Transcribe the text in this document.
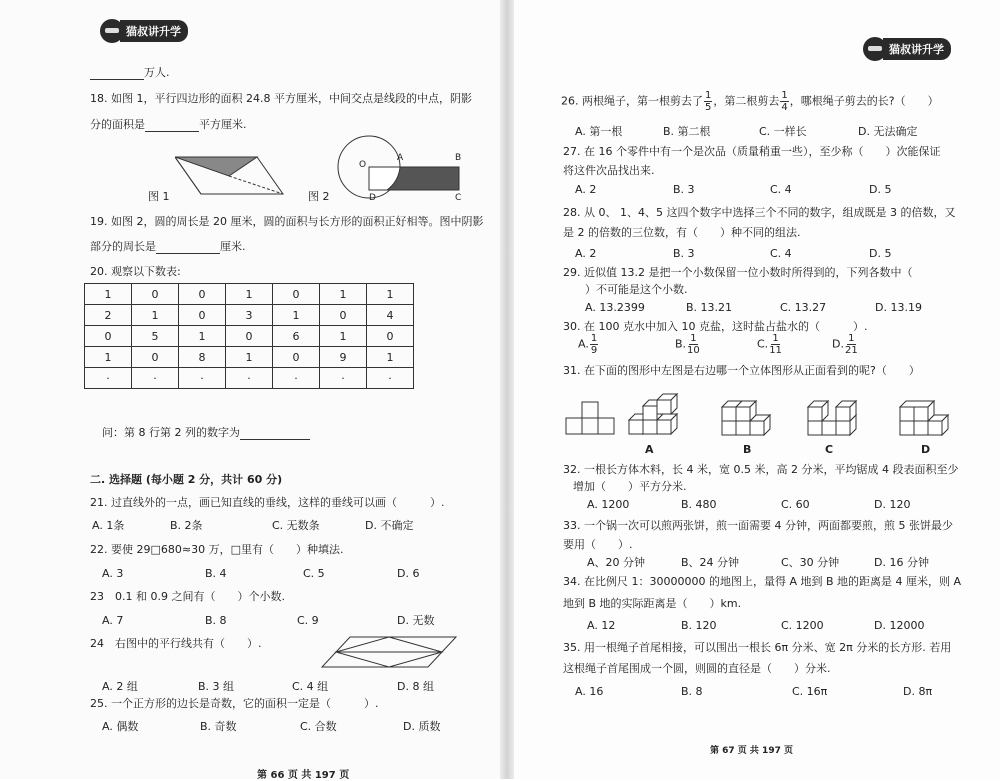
猫叔讲升学
猫叔讲升学
万人.
18. 如图 1，平行四边形的面积 24.8 平方厘米，中间交点是线段的中点，阴影
分的面积是	平方厘米.
图 1
O
A	B
D	C
图 2
19. 如图 2，圆的周长是 20 厘米，圆的面积与长方形的面积正好相等。图中阴影
部分的周长是	厘米.
20. 观察以下数表:
1	0	0	1	0	1	1
2	1	0	3	1	0	4
0	5	1	0	6	1	0
1	0	8	1	0	9	1
·	·	·	·	·	·	·
问：第 8 行第 2 列的数字为
二. 选择题 (每小题 2 分，共计 60 分)
21. 过直线外的一点，画已知直线的垂线，这样的垂线可以画（　　　）.
A. 1条	B. 2条	C. 无数条	D. 不确定
22. 要使 29□680≈30 万，□里有（　　）种填法.
A. 3	B. 4	C. 5	D. 6
23　0.1 和 0.9 之间有（　　）个小数.
A. 7	B. 8	C. 9	D. 无数
24　右图中的平行线共有（　　）.
A. 2 组	B. 3 组	C. 4 组	D. 8 组
25. 一个正方形的边长是奇数，它的面积一定是（　　　）.
A. 偶数	B. 奇数	C. 合数	D. 质数
第 66 页 共 197 页
26. 两根绳子，第一根剪去了 $\frac{1}{5}$ ，第二根剪去 $\frac{1}{4}$ ，哪根绳子剪去的长?（　　）
A. 第一根	B. 第二根	C. 一样长	D. 无法确定
27. 在 16 个零件中有一个是次品（质量稍重一些），至少称（　　）次能保证
将这件次品找出来.
A. 2	B. 3	C. 4	D. 5
28. 从 0、 1、4、5 这四个数字中选择三个不同的数字，组成既是 3 的倍数，又
是 2 的倍数的三位数，有（　　）种不同的组法.
A. 2	B. 3	C. 4	D. 5
29. 近似值 13.2 是把一个小数保留一位小数时所得到的，下列各数中（
）不可能是这个小数.
A. 13.2399	B. 13.21	C. 13.27	D. 13.19
30. 在 100 克水中加入 10 克盐，这时盐占盐水的（　　　）.
A. $\frac{1}{9}$	B. $\frac{1}{10}$	C. $\frac{1}{11}$	D. $\frac{1}{21}$
31. 在下面的图形中左图是右边哪一个立体图形从正面看到的呢?（　　）
A	B	C	D
32. 一根长方体木料，长 4 米，宽 0.5 米，高 2 分米，平均锯成 4 段表面积至少
增加（　　）平方分米.
A. 1200	B. 480	C. 60	D. 120
33. 一个锅一次可以煎两张饼，煎一面需要 4 分钟，两面都要煎，煎 5 张饼最少
要用（　　）.
A、20 分钟	B、24 分钟	C、30 分钟	D. 16 分钟
34. 在比例尺 1：30000000 的地图上，量得 A 地到 B 地的距离是 4 厘米，则 A
地到 B 地的实际距离是（　　）km.
A. 12	B. 120	C. 1200	D. 12000
35. 用一根绳子首尾相接，可以围出一根长 6π 分米、宽 2π 分米的长方形. 若用
这根绳子首尾围成一个圆，则圆的直径是（　　）分米.
A. 16	B. 8	C. 16π	D. 8π
第 67 页 共 197 页
